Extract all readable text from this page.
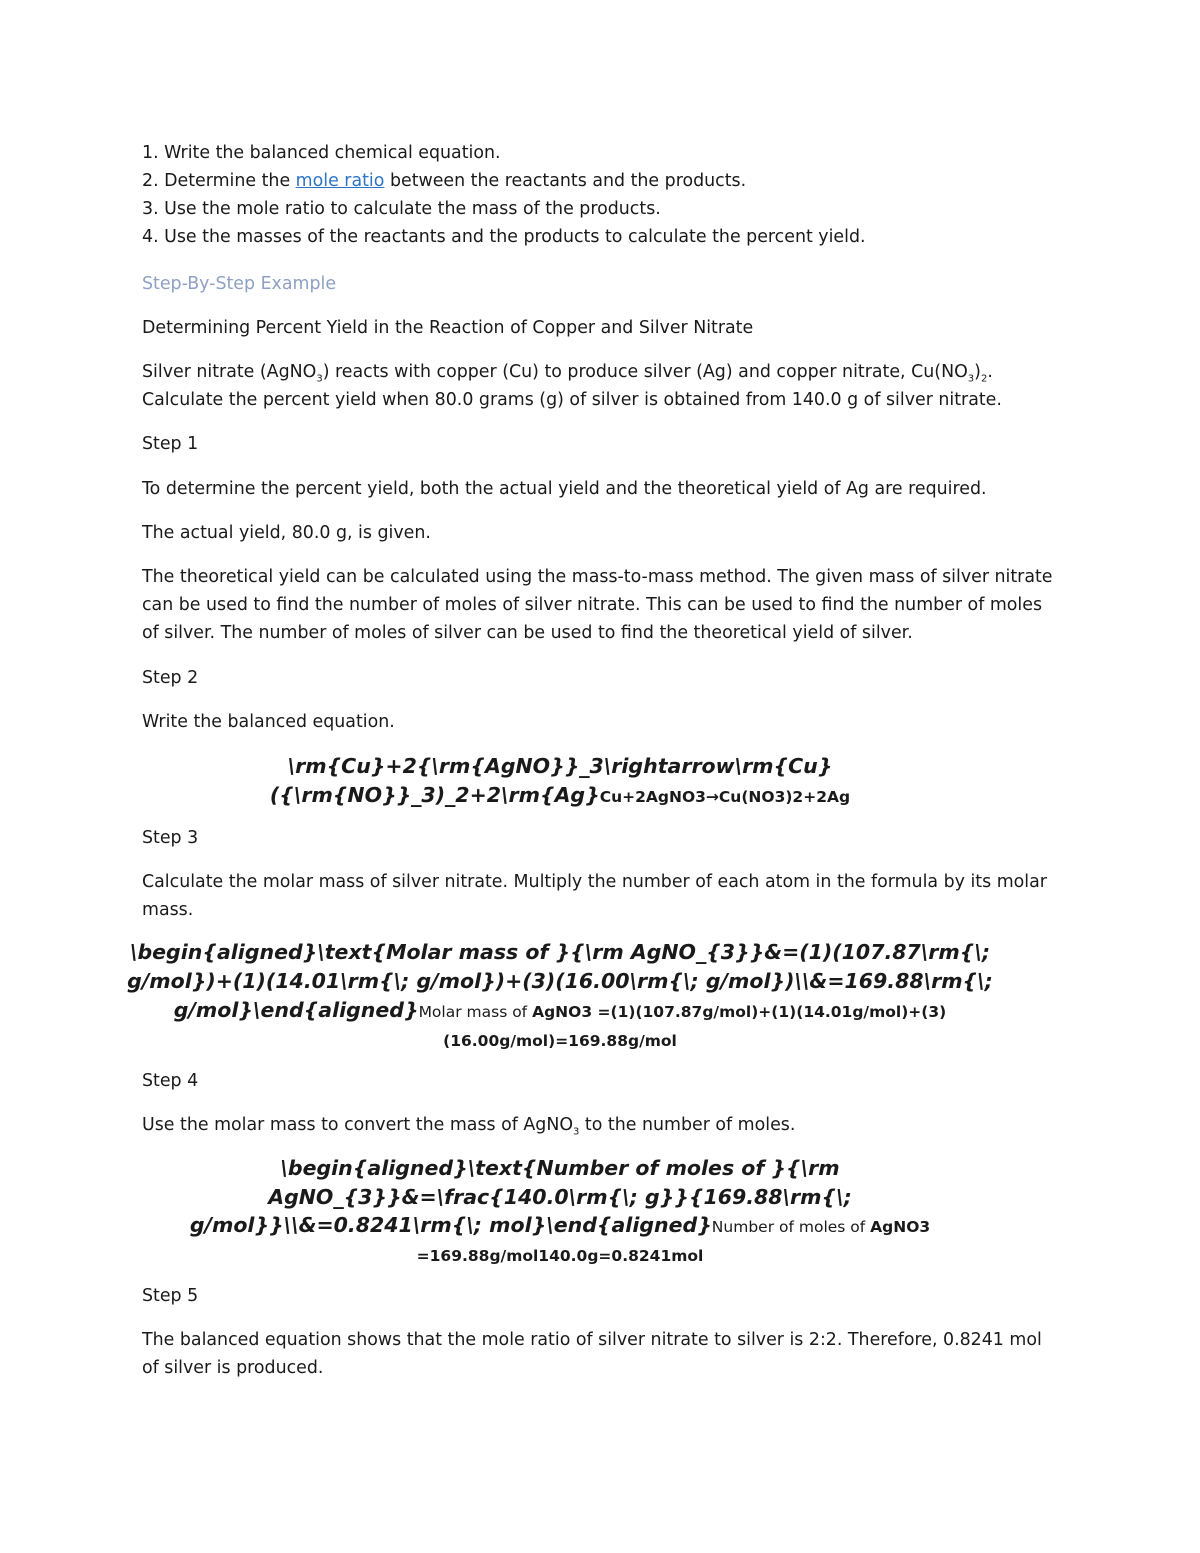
1. Write the balanced chemical equation.

2. Determine the mole ratio between the reactants and the products.

3. Use the mole ratio to calculate the mass of the products.

4. Use the masses of the reactants and the products to calculate the percent yield.

Step-By-Step Example

Determining Percent Yield in the Reaction of Copper and Silver Nitrate

Silver nitrate (AgNO$_3$) reacts with copper (Cu) to produce silver (Ag) and copper nitrate, $Cu(NO_3)_2$.

Calculate the percent yield when 80.0 grams (g) of silver is obtained from 140.0 g of silver nitrate.

Step 1

To determine the percent yield, both the actual yield and the theoretical yield of Ag are required.

The actual yield, 80.0 g, is given.

The theoretical yield can be calculated using the mass-to-mass method. The given mass of silver nitrate

can be used to find the number of moles of silver nitrate. This can be used to find the number of moles

of silver. The number of moles of silver can be used to find the theoretical yield of silver.

Step 2

Write the balanced equation.

\rm{Cu}+2{\rm{AgNO}}_3\rightarrow\rm{Cu}

({\rm{NO}}_3)_2+2\rm{Ag}Cu+2AgNO3→Cu(NO3)2+2Ag

Step 3

Calculate the molar mass of silver nitrate. Multiply the number of each atom in the formula by its molar

mass.

\begin{aligned}\text{Molar mass of }{\rm AgNO_{3}}&=(1)(107.87\rm{\;

g/mol})+(1)(14.01\rm{\; g/mol})+(3)(16.00\rm{\; g/mol})\\&=169.88\rm{\;

g/mol}\end{aligned}Molar mass of AgNO3 =(1)(107.87g/mol)+(1)(14.01g/mol)+(3)

(16.00g/mol)=169.88g/mol

Step 4

Use the molar mass to convert the mass of AgNO$_3$ to the number of moles.

\begin{aligned}\text{Number of moles of }{\rm

AgNO_{3}}&=\frac{140.0\rm{\; g}}{169.88\rm{\;

g/mol}}\\&=0.8241\rm{\; mol}\end{aligned}Number of moles of AgNO3

=169.88g/mol140.0g=0.8241mol

Step 5

The balanced equation shows that the mole ratio of silver nitrate to silver is 2:2. Therefore, 0.8241 mol

of silver is produced.
